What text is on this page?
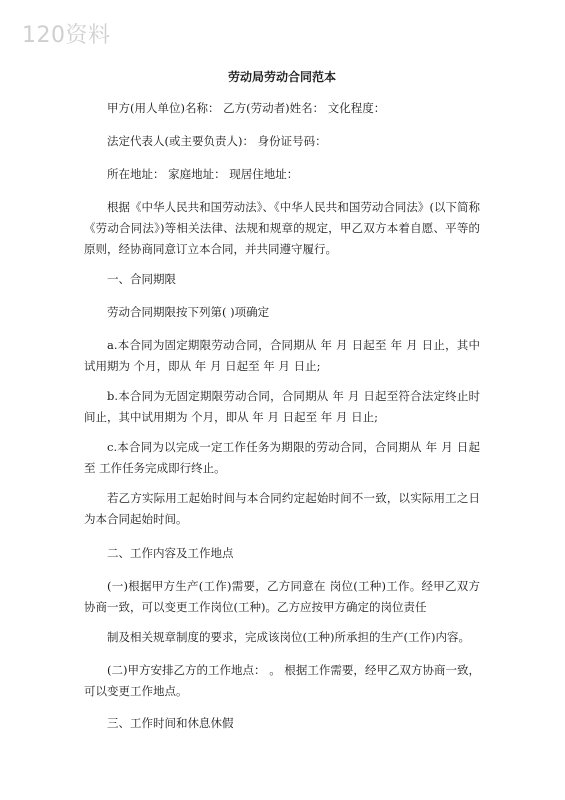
120资料
劳动局劳动合同范本
甲方(用人单位)名称： 乙方(劳动者)姓名： 文化程度：
法定代表人(或主要负责人)： 身份证号码：
所在地址： 家庭地址： 现居住地址：
根据《中华人民共和国劳动法》、《中华人民共和国劳动合同法》(以下简称《劳动合同法》)等相关法律、法规和规章的规定，甲乙双方本着自愿、平等的原则，经协商同意订立本合同，并共同遵守履行。
一、合同期限
劳动合同期限按下列第( )项确定
a.本合同为固定期限劳动合同，合同期从 年 月 日起至 年 月 日止，其中试用期为 个月，即从 年 月 日起至 年 月 日止;
b.本合同为无固定期限劳动合同，合同期从 年 月 日起至符合法定终止时间止，其中试用期为 个月，即从 年 月 日起至 年 月 日止;
c.本合同为以完成一定工作任务为期限的劳动合同，合同期从 年 月 日起至 工作任务完成即行终止。
若乙方实际用工起始时间与本合同约定起始时间不一致，以实际用工之日为本合同起始时间。
二、工作内容及工作地点
(一)根据甲方生产(工作)需要，乙方同意在 岗位(工种)工作。经甲乙双方协商一致，可以变更工作岗位(工种)。乙方应按甲方确定的岗位责任
制及相关规章制度的要求，完成该岗位(工种)所承担的生产(工作)内容。
(二)甲方安排乙方的工作地点： 。 根据工作需要，经甲乙双方协商一致，可以变更工作地点。
三、工作时间和休息休假
